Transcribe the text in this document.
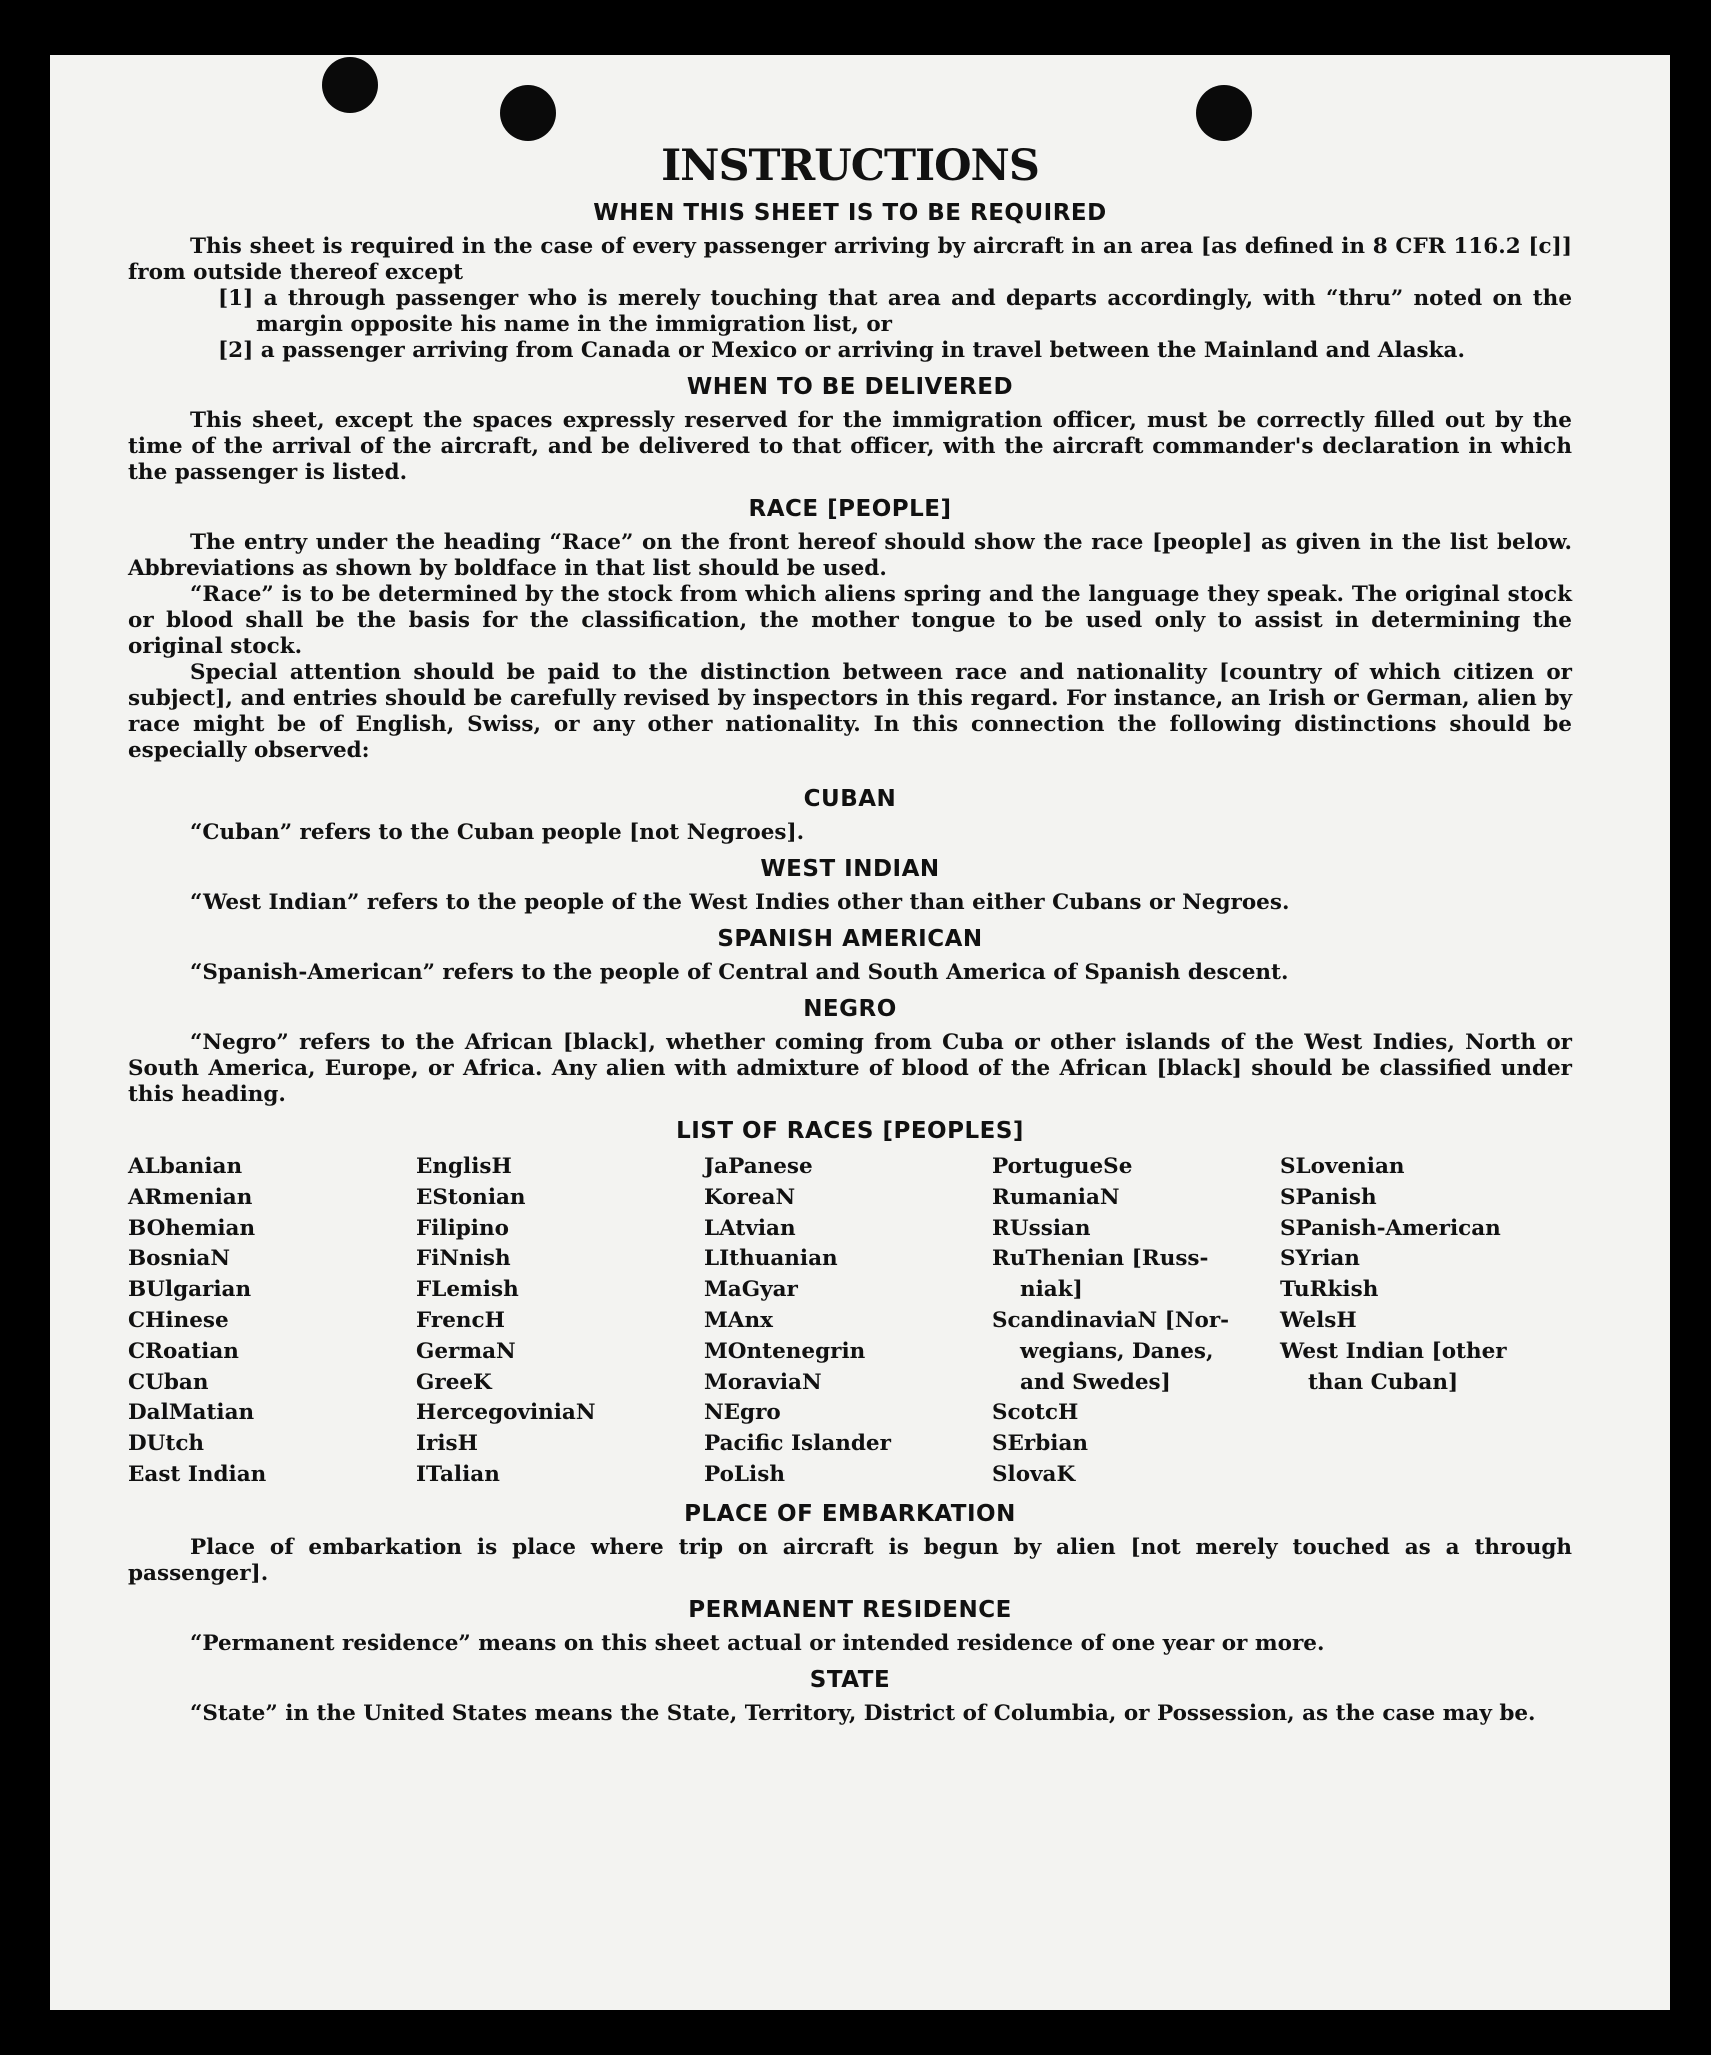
INSTRUCTIONS
WHEN THIS SHEET IS TO BE REQUIRED

This sheet is required in the case of every passenger arriving by aircraft in an area [as defined in 8 CFR 116.2 [c]] from outside thereof except

[1] a through passenger who is merely touching that area and departs accordingly, with “thru” noted on the margin opposite his name in the immigration list, or

[2] a passenger arriving from Canada or Mexico or arriving in travel between the Mainland and Alaska.

WHEN TO BE DELIVERED

This sheet, except the spaces expressly reserved for the immigration officer, must be correctly filled out by the time of the arrival of the aircraft, and be delivered to that officer, with the aircraft commander's declaration in which the passenger is listed.

RACE [PEOPLE]

The entry under the heading “Race” on the front hereof should show the race [people] as given in the list below. Abbreviations as shown by boldface in that list should be used.

“Race” is to be determined by the stock from which aliens spring and the language they speak. The original stock or blood shall be the basis for the classification, the mother tongue to be used only to assist in determining the original stock.

Special attention should be paid to the distinction between race and nationality [country of which citizen or subject], and entries should be carefully revised by inspectors in this regard. For instance, an Irish or German, alien by race might be of English, Swiss, or any other nationality. In this connection the following distinctions should be especially observed:

CUBAN

“Cuban” refers to the Cuban people [not Negroes].

WEST INDIAN

“West Indian” refers to the people of the West Indies other than either Cubans or Negroes.

SPANISH AMERICAN

“Spanish-American” refers to the people of Central and South America of Spanish descent.

NEGRO

“Negro” refers to the African [black], whether coming from Cuba or other islands of the West Indies, North or South America, Europe, or Africa. Any alien with admixture of blood of the African [black] should be classified under this heading.

LIST OF RACES [PEOPLES]
ALbanian
ARmenian
BOhemian
BosniaN
BUlgarian
CHinese
CRoatian
CUban
DalMatian
DUtch
East Indian
EnglisH
EStonian
Filipino
FiNnish
FLemish
FrencH
GermaN
GreeK
HercegoviniaN
IrisH
ITalian
JaPanese
KoreaN
LAtvian
LIthuanian
MaGyar
MAnx
MOntenegrin
MoraviaN
NEgro
Pacific Islander
PoLish
PortugueSe
RumaniaN
RUssian
RuThenian [Russ-
niak]
ScandinaviaN [Nor-
wegians, Danes,
and Swedes]
ScotcH
SErbian
SlovaK
SLovenian
SPanish
SPanish-American
SYrian
TuRkish
WelsH
West Indian [other
than Cuban]
PLACE OF EMBARKATION

Place of embarkation is place where trip on aircraft is begun by alien [not merely touched as a through passenger].

PERMANENT RESIDENCE

“Permanent residence” means on this sheet actual or intended residence of one year or more.

STATE

“State” in the United States means the State, Territory, District of Columbia, or Possession, as the case may be.
